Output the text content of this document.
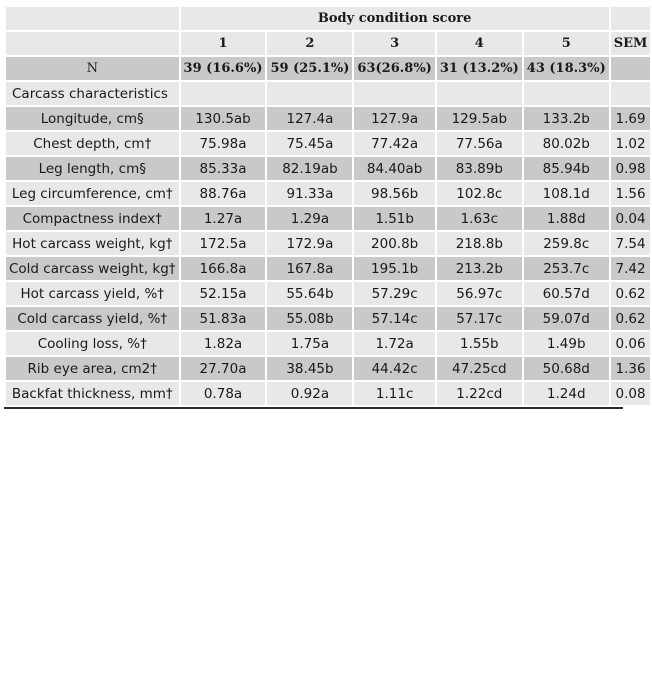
	Body condition score					
	1	2	3	4	5	SEM
N	39 (16.6%)	59 (25.1%)	63(26.8%)	31 (13.2%)	43 (18.3%)	
Carcass characteristics						
Longitude, cm§	130.5ab	127.4a	127.9a	129.5ab	133.2b	1.69
Chest depth, cm†	75.98a	75.45a	77.42a	77.56a	80.02b	1.02
Leg length, cm§	85.33a	82.19ab	84.40ab	83.89b	85.94b	0.98
Leg circumference, cm†	88.76a	91.33a	98.56b	102.8c	108.1d	1.56
Compactness index†	1.27a	1.29a	1.51b	1.63c	1.88d	0.04
Hot carcass weight, kg†	172.5a	172.9a	200.8b	218.8b	259.8c	7.54
Cold carcass weight, kg†	166.8a	167.8a	195.1b	213.2b	253.7c	7.42
Hot carcass yield, %†	52.15a	55.64b	57.29c	56.97c	60.57d	0.62
Cold carcass yield, %†	51.83a	55.08b	57.14c	57.17c	59.07d	0.62
Cooling loss, %†	1.82a	1.75a	1.72a	1.55b	1.49b	0.06
Rib eye area, cm2†	27.70a	38.45b	44.42c	47.25cd	50.68d	1.36
Backfat thickness, mm†	0.78a	0.92a	1.11c	1.22cd	1.24d	0.08
